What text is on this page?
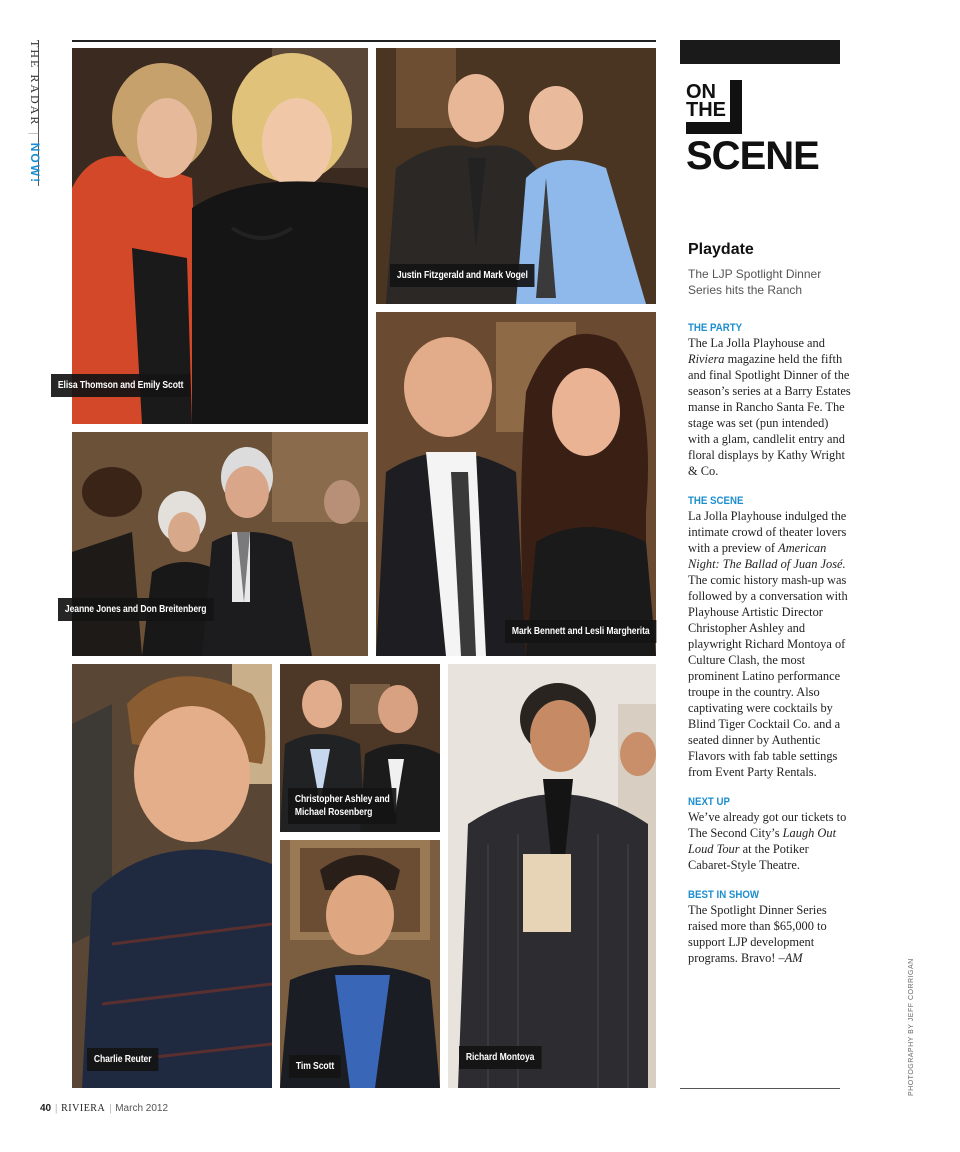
THE RADAR|NOW!
Elisa Thomson and Emily Scott
Justin Fitzgerald and Mark Vogel
Jeanne Jones and Don Breitenberg
Mark Bennett and Lesli Margherita
Charlie Reuter
Christopher Ashley and
Michael Rosenberg
Tim Scott
Richard Montoya
ON
THE
SCENE
Playdate
The LJP Spotlight Dinner Series hits the Ranch
THE PARTY

The La Jolla Playhouse and Riviera magazine held the fifth and final Spotlight Dinner of the season’s series at a Barry Estates manse in Rancho Santa Fe. The stage was set (pun intended) with a glam, candlelit entry and floral displays by Kathy Wright & Co.

THE SCENE

La Jolla Playhouse indulged the intimate crowd of theater lovers with a preview of American Night: The Ballad of Juan José. The comic history mash-up was followed by a conversation with Playhouse Artistic Director Christopher Ashley and playwright Richard Montoya of Culture Clash, the most prominent Latino performance troupe in the country. Also captivating were cocktails by Blind Tiger Cocktail Co. and a seated dinner by Authentic Flavors with fab table settings from Event Party Rentals.

NEXT UP

We’ve already got our tickets to The Second City’s Laugh Out Loud Tour at the Potiker Cabaret-Style Theatre.

BEST IN SHOW

The Spotlight Dinner Series raised more than $65,000 to support LJP development programs. Bravo! –AM

PHOTOGRAPHY BY JEFF CORRIGAN
40 | RIVIERA | March 2012
